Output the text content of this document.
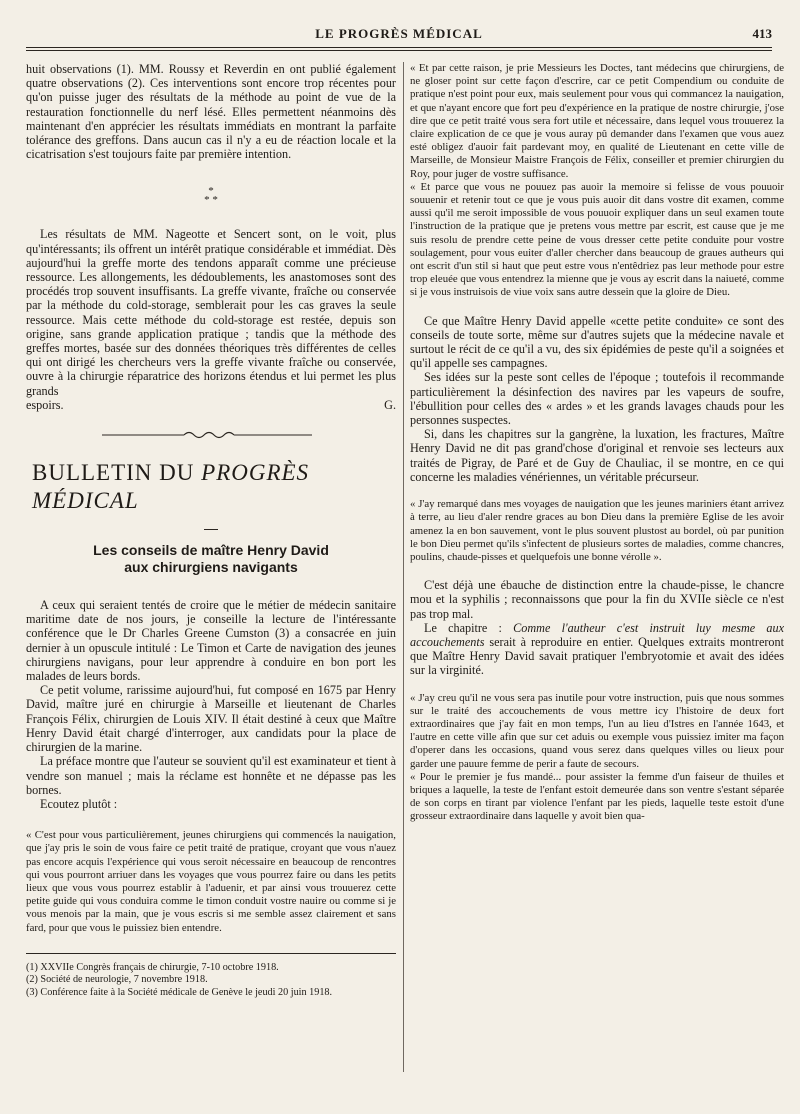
LE PROGRÈS MÉDICAL	413

huit observations (1). MM. Roussy et Reverdin en ont publié également quatre observations (2). Ces interventions sont encore trop récentes pour qu'on puisse juger des résultats de la méthode au point de vue de la restauration fonctionnelle du nerf lésé. Elles permettent néanmoins dès maintenant d'en apprécier les résultats immédiats en montrant la parfaite tolérance des greffons. Dans aucun cas il n'y a eu de réaction locale et la cicatrisation s'est toujours faite par première intention.

*
* *

Les résultats de MM. Nageotte et Sencert sont, on le voit, plus qu'intéressants; ils offrent un intérêt pratique considérable et immédiat. Dès aujourd'hui la greffe morte des tendons apparaît comme une précieuse ressource. Les allongements, les dédoublements, les anastomoses sont des procédés trop souvent insuffisants. La greffe vivante, fraîche ou conservée par la méthode du cold-storage, semblerait pour les cas graves la seule ressource. Mais cette méthode du cold-storage est restée, depuis son origine, sans grande application pratique ; tandis que la méthode des greffes mortes, basée sur des données théoriques très différentes de celles qui ont dirigé les chercheurs vers la greffe vivante fraîche ou conservée, ouvre à la chirurgie réparatrice des horizons étendus et lui permet les plus grands

espoirs.	G.
BULLETIN DU PROGRÈS MÉDICAL
Les conseils de maître Henry David
aux chirurgiens navigants

A ceux qui seraient tentés de croire que le métier de médecin sanitaire maritime date de nos jours, je conseille la lecture de l'intéressante conférence que le Dr Charles Greene Cumston (3) a consacrée en juin dernier à un opuscule intitulé : Le Timon et Carte de navigation des jeunes chirurgiens navigans, pour leur apprendre à conduire en bon port les malades de leurs bords.

Ce petit volume, rarissime aujourd'hui, fut composé en 1675 par Henry David, maître juré en chirurgie à Marseille et lieutenant de Charles François Félix, chirurgien de Louis XIV. Il était destiné à ceux que Maître Henry David était chargé d'interroger, aux candidats pour la place de chirurgien de la marine.

La préface montre que l'auteur se souvient qu'il est examinateur et tient à vendre son manuel ; mais la réclame est honnête et ne dépasse pas les bornes.

Ecoutez plutôt :

« C'est pour vous particulièrement, jeunes chirurgiens qui commencés la nauigation, que j'ay pris le soin de vous faire ce petit traité de pratique, croyant que vous n'auez pas encore acquis l'expérience qui vous seroit nécessaire en beaucoup de rencontres qui vous pourront arriuer dans les voyages que vous pourrez faire ou dans les petits lieux que vous vous pourrez establir à l'aduenir, et par ainsi vous trouuerez cette petite guide qui vous conduira comme le timon conduit vostre nauire ou comme si je vous menois par la main, que je vous escris si me semble assez clairement et sans fard, pour que vous le puissiez bien entendre.

(1) XXVIIe Congrès français de chirurgie, 7-10 octobre 1918.

(2) Société de neurologie, 7 novembre 1918.

(3) Conférence faite à la Société médicale de Genève le jeudi 20 juin 1918.

« Et par cette raison, je prie Messieurs les Doctes, tant médecins que chirurgiens, de ne gloser point sur cette façon d'escrire, car ce petit Compendium ou conduite de pratique n'est point pour eux, mais seulement pour vous qui commancez la nauigation, et que n'ayant encore que fort peu d'expérience en la pratique de nostre chirurgie, j'ose dire que ce petit traité vous sera fort utile et nécessaire, dans lequel vous trouuerez la claire explication de ce que je vous auray pû demander dans l'examen que vous auez esté obligez d'auoir fait pardevant moy, en qualité de Lieutenant en cette ville de Marseille, de Monsieur Maistre François de Félix, conseiller et premier chirurgien du Roy, pour juger de vostre suffisance.

« Et parce que vous ne pouuez pas auoir la memoire si felisse de vous pouuoir souuenir et retenir tout ce que je vous puis auoir dit dans vostre dit examen, comme aussi qu'il me seroit impossible de vous pouuoir expliquer dans un seul examen toute l'instruction de la pratique que je pretens vous mettre par escrit, est cause que je me suis resolu de prendre cette peine de vous dresser cette petite conduite pour vostre soulagement, pour vous euiter d'aller chercher dans beaucoup de graues autheurs qui ont escrit d'un stil si haut que peut estre vous n'entêdriez pas leur methode pour estre trop eleuée que vous entendrez la mienne que je vous ay escrit dans la naiueté, comme si je vous instruisois de viue voix sans autre dessein que la gloire de Dieu.

Ce que Maître Henry David appelle «cette petite conduite» ce sont des conseils de toute sorte, même sur d'autres sujets que la médecine navale et surtout le récit de ce qu'il a vu, des six épidémies de peste qu'il a soignées et qu'il appelle ses campagnes.

Ses idées sur la peste sont celles de l'époque ; toutefois il recommande particulièrement la désinfection des navires par les vapeurs de soufre, l'ébullition pour celles des « ardes » et les grands lavages chauds pour les personnes suspectes.

Si, dans les chapitres sur la gangrène, la luxation, les fractures, Maître Henry David ne dit pas grand'chose d'original et renvoie ses lecteurs aux traités de Pigray, de Paré et de Guy de Chauliac, il se montre, en ce qui concerne les maladies vénériennes, un véritable précurseur.

« J'ay remarqué dans mes voyages de nauigation que les jeunes mariniers étant arrivez à terre, au lieu d'aler rendre graces au bon Dieu dans la première Eglise de les avoir amenez la en bon sauvement, vont le plus souvent plustost au bordel, où par punition le bon Dieu permet qu'ils s'infectent de plusieurs sortes de maladies, comme chancres, poulins, chaude-pisses et quelquefois une bonne vérolle ».

C'est déjà une ébauche de distinction entre la chaude-pisse, le chancre mou et la syphilis ; reconnaissons que pour la fin du XVIIe siècle ce n'est pas trop mal.

Le chapitre : Comme l'autheur c'est instruit luy mesme aux accouchements serait à reproduire en entier. Quelques extraits montreront que Maître Henry David savait pratiquer l'embryotomie et avait des idées sur la virginité.

« J'ay creu qu'il ne vous sera pas inutile pour votre instruction, puis que nous sommes sur le traité des accouchements de vous mettre icy l'histoire de deux fort extraordinaires que j'ay fait en mon temps, l'un au lieu d'Istres en l'année 1643, et l'autre en cette ville afin que sur cet aduis ou exemple vous puissiez imiter ma façon d'operer dans les occasions, quand vous serez dans quelques villes ou lieux pour garder une pauure femme de perir a faute de secours.

« Pour le premier je fus mandé... pour assister la femme d'un faiseur de thuiles et briques a laquelle, la teste de l'enfant estoit demeurée dans son ventre s'estant séparée de son corps en tirant par violence l'enfant par les pieds, laquelle teste estoit d'une grosseur extraordinaire dans laquelle y avoit bien qua-
